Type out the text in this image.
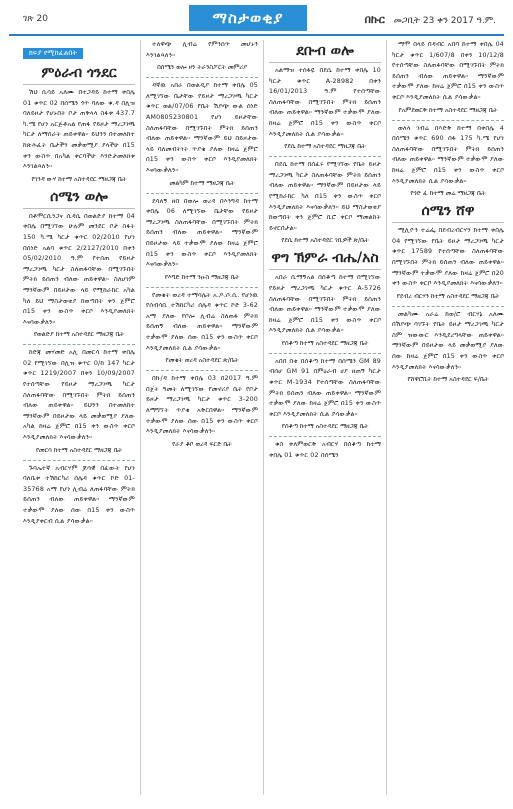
ገጽ 20	ማስታወቂያ	በኩር መጋቢት 23 ቀን 2017 ዓ.ም.
ክፍያ የሚከፈልበት
ምዕራብ ጎንደር

ሽህ ሲሳይ አለሙ በተጋዳይ ከተማ ቀበሌ 01 ቁጥር 02 በሰሜን ጎጥ ባለው ቁ.ዳ በሊዝ ባለይዞታ የሆኑበት ቦታ ጠቅላላ ስፋቱ 437.7 ካ.ሜ የሆነ አርጅቶአል የጠፋ የይዞታ ማረጋገጫ ካርታ ለማሰራት ጠይቀዋል። ይህንን በተመለከተ ከጽሕፈት ቤታችን መቃወሚያ ያላችሁ በ15 ቀን ውስጥ በአካል ቀርባችሁ እንድታመለክቱ እንገልጻለን።

የገንዳ ውሃ ከተማ አስተዳደር ማዘጋጃ ቤት
ሰሜን ወሎ

በቶሞርሲንጋና ሲዳሴ በወልድያ ከተማ 04 ቀበሌ በሚገኘው ሁሉም መንደር ቦታ ስፋት 150 ካ.ሜ ካርታ ቁጥር 02/2010 የሆነ በሰነድ አልባ ቁጥር 2/2127/2010 በቀን 05/02/2010 ዓ.ም የተሰጠ የይዞታ ማረጋገጫ ካርታ ስለጠፋባቸው በሚገኙበት ምትክ ይሰጠን ብለው ጠይቀዋል። ስለሆነም ማንኛውም በይዞታው ላይ የሚከራከር አካል ካለ ይህ ማስታወቂያ ከወጣበት ቀን ጀምሮ በ15 ቀን ውስጥ ቀርቦ እንዲያመለክት እናሳውቃለን።

የወልድያ ከተማ አስተዳደር ማዘጋጃ ቤት

ከድጃ መሃመድ አሊ በመርሳ ከተማ ቀበሌ 02 የሚገኘው በሊዝ ቁጥር 0/ከ 147 ካርታ ቁጥር 1219/2007 በቀን 10/09/2007 የተሰጣቸው የይዞታ ማረጋገጫ ካርታ ስለጠፋባቸው በሚገኙበት ምትክ ይሰጠን ብለው ጠይቀዋል። ይህንን በተመለከተ ማንኛውም በይዞታው ላይ መቃወሚያ ያለው አካል ከዛሬ ጀምሮ በ15 ቀን ውስጥ ቀርቦ እንዲያመለክት እናሳውቃለን።

የመርሳ ከተማ አስተዳደር ማዘጋጃ ቤት

ጉባኤተኛ አብርሃም ጆሳዊ በፈውት የሆነ ባለቤቱ ተሽከርካሪ ሰሌዳ ቁጥር ኮድ 01-35768 አማ የሆነ ሊብሬ ለጠፋባቸው ምትክ ይሰጠን ብለው ጠይቀዋል። ማንኛውም ተቃውሞ ያለው ሰው በ15 ቀን ውስጥ እንዲያቀርብ ሲል ያሳውቃል።

ተለዋጭ ሊብሬ የምንሰጥ መሆኑን እንገልጻለን።

በሰሜን ወሎ ዞን ትራንስፖርት መምሪያ

ዳኛዉ አበራ በወልዲያ ከተማ ቀበሌ 05 ለሚገኘው ቤታቸው የይዞታ ማረጋገጫ ካርታ ቁጥር ወል/07/06 የቤት ሽያጭ ውል ሰነድ AM0805230801 የሆነ ይዞታቸው ስለጠፋባቸው በሚገኙበት ምትክ ይሰጠን ብለው ጠይቀዋል። ማንኛውም ይህ በይዞታው ላይ ባለመብትነት ጥያቄ ያለው ከዛሬ ጀምሮ በ15 ቀን ውስጥ ቀርቦ እንዲያመለክት እናሳውቃለን።

መልካም ከተማ ማዘጋጃ ቤት

ደሳለኝ ዘበ በወሎ ወረዳ በእንግዳ ከተማ ቀበሌ 06 ለሚገኘው ቤታቸው የይዞታ ማረጋገጫ ስለጠፋባቸው በሚገኙበት ምትክ ይሰጠን ብለው ጠይቀዋል። ማንኛውም በይዞታው ላይ ተቃውሞ ያለው ከዛሬ ጀምሮ በ15 ቀን ውስጥ ቀርቦ እንዲያመለክት እናሳውቃለን።

የእግድ ከተማ ንዑስ ማዘጋጃ ቤት

የመቄት ወረዳ ተማሳሌት አ.ዶ.ሶ.ሲ. የሆነዉ የሰብሳቢ ተሽከርካሪ ሰሌዳ ቁጥር ኮድ 3-62 አማ ያለው የቦሎ ሊብሬ ስለጠፋ ምትክ ይሰጠኝ ብለው ጠይቀዋል። ማንኛውም ተቃውሞ ያለው ሰው በ15 ቀን ውስጥ ቀርቦ እንዲያመለክት ሲል ያሳውቃል።

የመቄት ወረዳ አስተዳደር ጽ/ቤት

በኩ/ዳ ከተማ ቀበሌ 03 በ2017 ዓ.ም በጀት ዓመት ለሚገኘው የመኖሪያ ቤት የቦታ ይዞታ ማረጋገጫ ካርታ ቁጥር 3-200 ለማግኘት ጥያቄ አቅርበዋል። ማንኛውም ተቃውሞ ያለው ሰው በ15 ቀን ውስጥ ቀርቦ እንዲያመለክት እናሳውቃለን።

የራያ ቆቦ ወረዳ ፍርድ ቤት
ደቡብ ወሎ

አልማዝ ተሰፋዬ በደሴ ከተማ ቀበሌ 10 ካርታ ቁጥር A-28982 በቀን 16/01/2013 ዓ.ም የተሰጣቸው ስለጠፋባቸው በሚገኙበት ምትክ ይሰጠን ብለው ጠይቀዋል። ማንኛውም ተቃውሞ ያለው ከዛሬ ጀምሮ በ15 ቀን ውስጥ ቀርቦ እንዲያመለክት ሲል ያሳውቃል።

የደሴ ከተማ አስተዳደር ማዘጋጃ ቤት

በደሴ ከተማ በሰፈሩ የሚገኘው የቤት ይዞታ ማረጋገጫ ካርታ ስለጠፋባቸው ምትክ ይሰጠን ብለው ጠይቀዋል። ማንኛውም በይዞታው ላይ የሚከራከር ካለ በ15 ቀን ውስጥ ቀርቦ እንዲያመለክት እናሳውቃለን። ይህ ማስታወቂያ ከወጣበት ቀን ጀምሮ ቢሮ ቀርቦ ማመልከት ይኖርበታል።

የደሴ ከተማ አስተዳደር ገቢዎች ጽ/ቤት
ዋግ ኽምራ ብሔ/አስ

አበራ ሲማኝአል በሰቆጣ ከተማ በሚገኘው የይዞታ ማረጋገጫ ካርታ ቁጥር A-5726 ስለጠፋባቸው በሚገኙበት ምትክ ይሰጠን ብለው ጠይቀዋል። ማንኛውም ተቃውሞ ያለው ከዛሬ ጀምሮ በ15 ቀን ውስጥ ቀርቦ እንዲያመለክት ሲል ያሳውቃል።

የሰቆጣ ከተማ አስተዳደር ማዘጋጃ ቤት

አበበ በቂ በሰቆጣ ከተማ በሰሜን GM 89 ብሰሆ GM 91 በምዕራብ ሀያ ዘጠኝ ካርታ ቁጥር M-1934 የተሰጣቸው ስለጠፋባቸው ምትክ ይሰጠን ብለው ጠይቀዋል። ማንኛውም ተቃውሞ ያለው ከዛሬ ጀምሮ በ15 ቀን ውስጥ ቀርቦ እንዲያመለክት ሲል ያሳውቃል።

የሰቆጣ ከተማ አስተዳደር ማዘጋጃ ቤት

ቁስ ቀለምወርቅ አብርሃ በሰቆጣ ከተማ ቀበሌ 01 ቁጥር 02 በሰሜን

ማሞ በላይ በዳብር አበባ ከተማ ቀበሌ 04 ካርታ ቁጥር 1/607/8 በቀን 10/12/8 የተሰጣቸው ስለጠፋባቸው በሚገኙበት ምትክ ይሰጠን ብለው ጠይቀዋል። ማንኛውም ተቃውሞ ያለው ከዛሬ ጀምሮ በ15 ቀን ውስጥ ቀርቦ እንዲያመለክት ሲል ያሳውቃል።

የአምደወርቅ ከተማ አስተዳደር ማዘጋጃ ቤት

ወለላ ገብሬ በእድቅ ከተማ በቀበሌ 4 በሰሜን ቁጥር 690 ሰፋ 175 ካ.ሜ የሆነ ስለጠፋባቸው በሚገኙበት ምትክ ይሰጠን ብለው ጠይቀዋል። ማንኛውም ተቃውሞ ያለው ከዛሬ ጀምሮ በ15 ቀን ውስጥ ቀርቦ እንዲያመለክት ሲል ያሳውቃል።

የጎድ ፈ ከተማ መሬ ማዘጋጃ ቤት
ሰሜን ሸዋ

ሚሊዮን ተሬፌ በደብረብርሃን ከተማ ቀበሌ 04 የሚገኘው የቤት ይዞታ ማረጋገጫ ካርታ ቁጥር 17589 የተሰጣቸው ስለጠፋባቸው በሚገኙበት ምትክ ይሰጠን ብለው ጠይቀዋል። ማንኛውም ተቃውሞ ያለው ከዛሬ ጀምሮ በ20 ቀን ውስጥ ቀርቦ እንዲያመለክት እናሳውቃለን።

የደብረ ብርሃን ከተማ አስተዳደር ማዘጋጃ ቤት

መልካሙ አራሬ ከወ/ሮ ብርሃኔ አለሙ በሽያጭ ባገኙት የቤት ይዞታ ማረጋገጫ ካርታ ስም ዝውውር እንዲደረግላቸው ጠይቀዋል። ማንኛውም በይዞታው ላይ መቃወሚያ ያለው ሰው ከዛሬ ጀምሮ በ15 ቀን ውስጥ ቀርቦ እንዲያመለክት እናሳውቃለን።

የሸዋሮቢት ከተማ አስተዳደር ፍ/ቤት
